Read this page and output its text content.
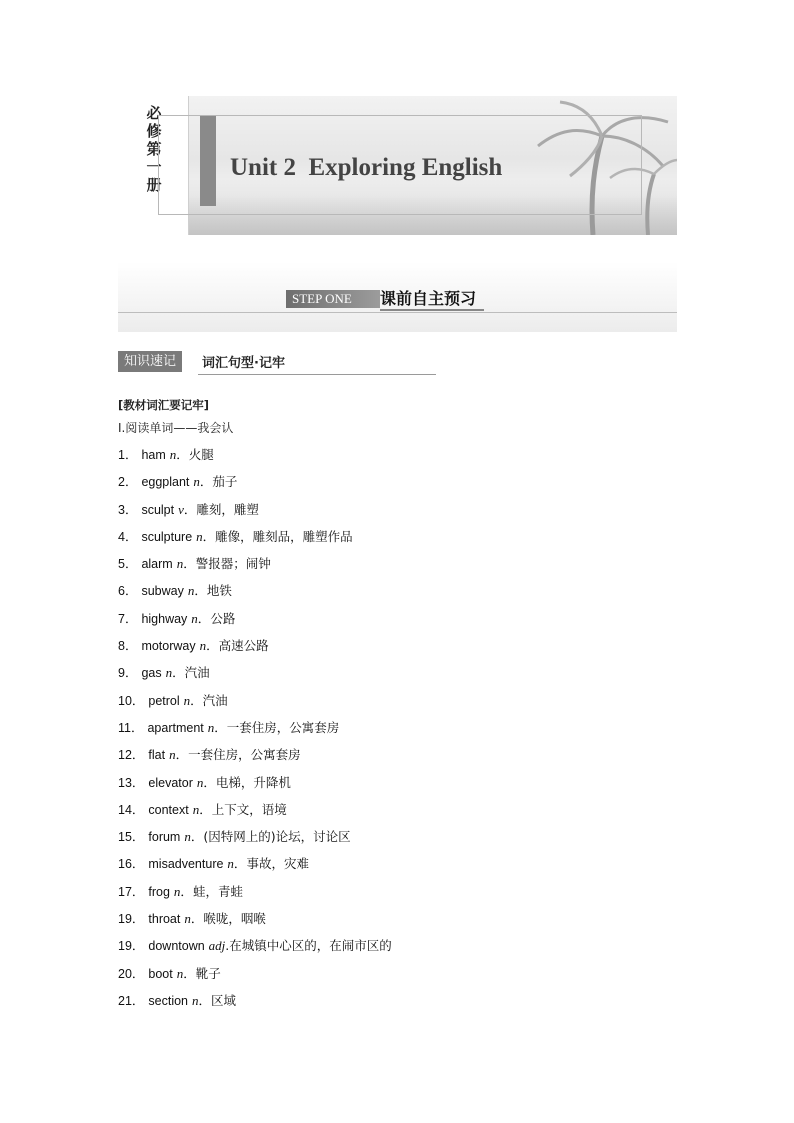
必修第一册
Unit 2  Exploring English
STEP ONE	课前自主预习
知识速记	词汇句型·记牢
[教材词汇要记牢]
Ⅰ.阅读单词——我会认
1． ham n．火腿
2． eggplant n．茄子
3． sculpt v．雕刻，雕塑
4． sculpture n．雕像，雕刻品，雕塑作品
5． alarm n．警报器；闹钟
6． subway n．地铁
7． highway n．公路
8． motorway n．高速公路
9． gas n．汽油
10． petrol n．汽油
11． apartment n．一套住房，公寓套房
12． flat n．一套住房，公寓套房
13． elevator n．电梯，升降机
14． context n．上下文，语境
15． forum n．(因特网上的)论坛，讨论区
16． misadventure n．事故，灾难
17． frog n．蛙，青蛙
19． throat n．喉咙，咽喉
19． downtown adj.在城镇中心区的，在闹市区的
20． boot n．靴子
21． section n．区域
